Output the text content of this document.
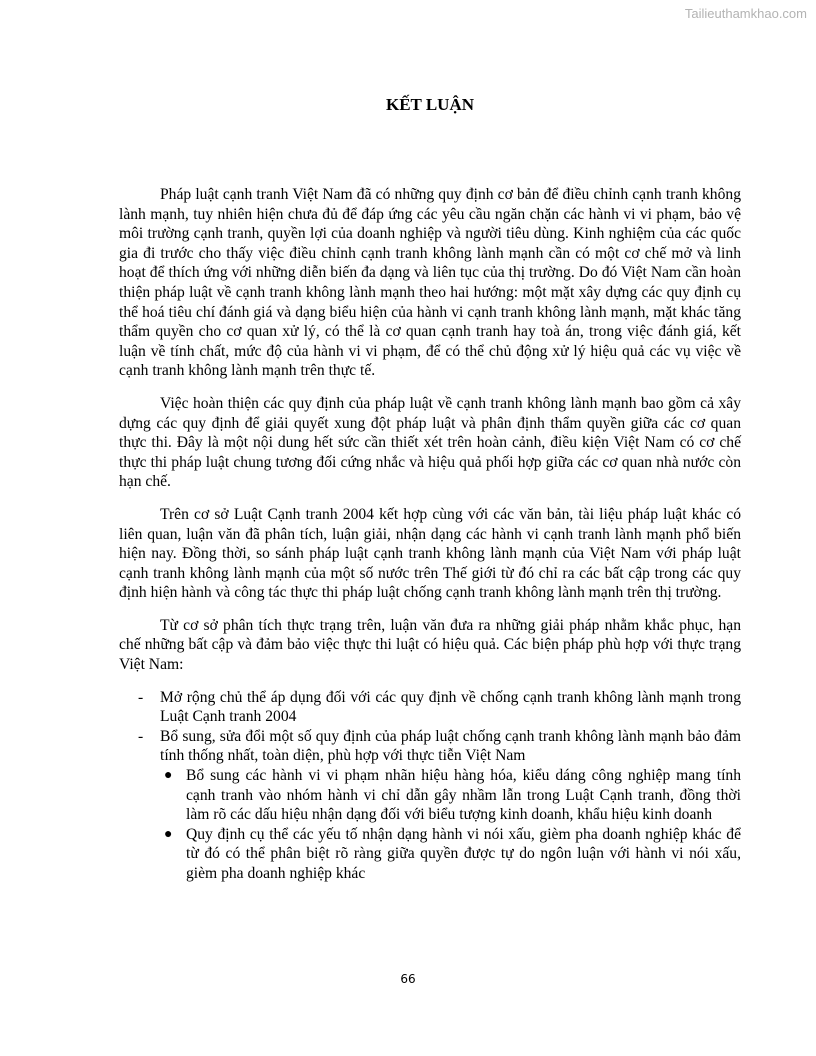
Tailieuthamkhao.com
KẾT LUẬN

Pháp luật cạnh tranh Việt Nam đã có những quy định cơ bản để điều chỉnh cạnh tranh không lành mạnh, tuy nhiên hiện chưa đủ để đáp ứng các yêu cầu ngăn chặn các hành vi vi phạm, bảo vệ môi trường cạnh tranh, quyền lợi của doanh nghiệp và người tiêu dùng. Kinh nghiệm của các quốc gia đi trước cho thấy việc điều chỉnh cạnh tranh không lành mạnh cần có một cơ chế mở và linh hoạt để thích ứng với những diễn biến đa dạng và liên tục của thị trường. Do đó Việt Nam cần hoàn thiện pháp luật về cạnh tranh không lành mạnh theo hai hướng: một mặt xây dựng các quy định cụ thể hoá tiêu chí đánh giá và dạng biểu hiện của hành vi cạnh tranh không lành mạnh, mặt khác tăng thẩm quyền cho cơ quan xử lý, có thể là cơ quan cạnh tranh hay toà án, trong việc đánh giá, kết luận về tính chất, mức độ của hành vi vi phạm, để có thể chủ động xử lý hiệu quả các vụ việc về cạnh tranh không lành mạnh trên thực tế.

Việc hoàn thiện các quy định của pháp luật về cạnh tranh không lành mạnh bao gồm cả xây dựng các quy định để giải quyết xung đột pháp luật và phân định thẩm quyền giữa các cơ quan thực thi. Đây là một nội dung hết sức cần thiết xét trên hoàn cảnh, điều kiện Việt Nam có cơ chế thực thi pháp luật chung tương đối cứng nhắc và hiệu quả phối hợp giữa các cơ quan nhà nước còn hạn chế.

Trên cơ sở Luật Cạnh tranh 2004 kết hợp cùng với các văn bản, tài liệu pháp luật khác có liên quan, luận văn đã phân tích, luận giải, nhận dạng các hành vi cạnh tranh lành mạnh phổ biến hiện nay. Đồng thời, so sánh pháp luật cạnh tranh không lành mạnh của Việt Nam với pháp luật cạnh tranh không lành mạnh của một số nước trên Thế giới từ đó chỉ ra các bất cập trong các quy định hiện hành và công tác thực thi pháp luật chống cạnh tranh không lành mạnh trên thị trường.

Từ cơ sở phân tích thực trạng trên, luận văn đưa ra những giải pháp nhằm khắc phục, hạn chế những bất cập và đảm bảo việc thực thi luật có hiệu quả. Các biện pháp phù hợp với thực trạng Việt Nam:

- Mở rộng chủ thể áp dụng đối với các quy định về chống cạnh tranh không lành mạnh trong Luật Cạnh tranh 2004
- Bổ sung, sửa đổi một số quy định của pháp luật chống cạnh tranh không lành mạnh bảo đảm tính thống nhất, toàn diện, phù hợp với thực tiễn Việt Nam
● Bổ sung các hành vi vi phạm nhãn hiệu hàng hóa, kiểu dáng công nghiệp mang tính cạnh tranh vào nhóm hành vi chỉ dẫn gây nhầm lẫn trong Luật Cạnh tranh, đồng thời làm rõ các dấu hiệu nhận dạng đối với biểu tượng kinh doanh, khẩu hiệu kinh doanh
● Quy định cụ thể các yếu tố nhận dạng hành vi nói xấu, gièm pha doanh nghiệp khác để từ đó có thể phân biệt rõ ràng giữa quyền được tự do ngôn luận với hành vi nói xấu, gièm pha doanh nghiệp khác
66
